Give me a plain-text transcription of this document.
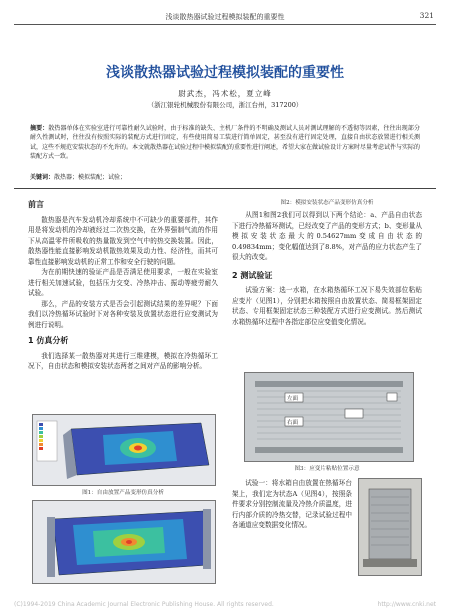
浅谈散热器试验过程模拟装配的重要性	321
浅谈散热器试验过程模拟装配的重要性
尉武杰，冯术松，夏立峰
（浙江银轮机械股份有限公司，浙江台州，317200）
摘要：散热器单体在实验室进行可靠性耐久试验时，由于标准的缺失、主机厂条件的不明确及测试人员对测试理解的不透彻等因素，往往出现部分耐久性测试时，往往没有按照实际的装配方式进行固定，有些使用简易工装进行简单固定，甚至没有进行固定处理，直接自由状态放置进行相关测试，这些不规范安装状态的不允许的。本文就散热器在试验过程中模拟装配的重要性进行阐述，希望大家在做试验设计方案时尽量考虑试件与实际的装配方式一致。
关键词：散热器；模拟装配；试验；
前言

散热器是汽车发动机冷却系统中不可缺少的重要部件，其作用是将发动机的冷却液经过二次热交换，在外界强制气流的作用下从高温零件所吸收的热量散发到空气中的热交换装置。因此，散热器性能直接影响发动机散热效果及动力性、经济性，而其可靠性直接影响发动机的正常工作和安全行驶的问题。

为在前期快速的验证产品是否满足使用要求，一般在实验室进行相关加速试验，包括压力交变、冷热冲击、振动等疲劳耐久试验。

那么，产品的安装方式是否会引起测试结果的差异呢？下面我们以冷热循环试验时下对各种安装及放置状态进行应变测试为例进行说明。

1 仿真分析

我们选择某一散热器对其进行三维建模，模拟在冷热循环工况下，自由状态和模拟安装状态两者之间对产品的影响分析。

图1：自由放置产品变形仿真分析
图2：模拟安装状态产品变形仿真分析

从图1和图2我们可以得到以下两个结论：a、产品自由状态下进行冷热循环测试，已经改变了产品的变形方式；b、变形量从模拟安装状态最大的0.54627mm变成自由状态的0.49834mm；变化幅值达到了8.8%，对产品的应力状态产生了很大的改变。

2 测试验证

试验方案：选一水箱，在水箱热循环工况下易失效部位粘贴应变片（见图1），分别把水箱按照自由放置状态、简易框架固定状态、专用框架固定状态三种装配方式进行应变测试。然后测试水箱热循环过程中各指定部位应变值变化情况。

左面
右面
图3：应变片粘贴位置示意

试验一：将水箱自由放置在热循环台架上，我们定为状态A（见图4），按照条件要求分别控制流量及冷热介质温度，进行内部介质的冷热交替，记录试验过程中各通道应变数据变化情况。

(C)1994-2019 China Academic Journal Electronic Publishing House. All rights reserved.	http://www.cnki.net
